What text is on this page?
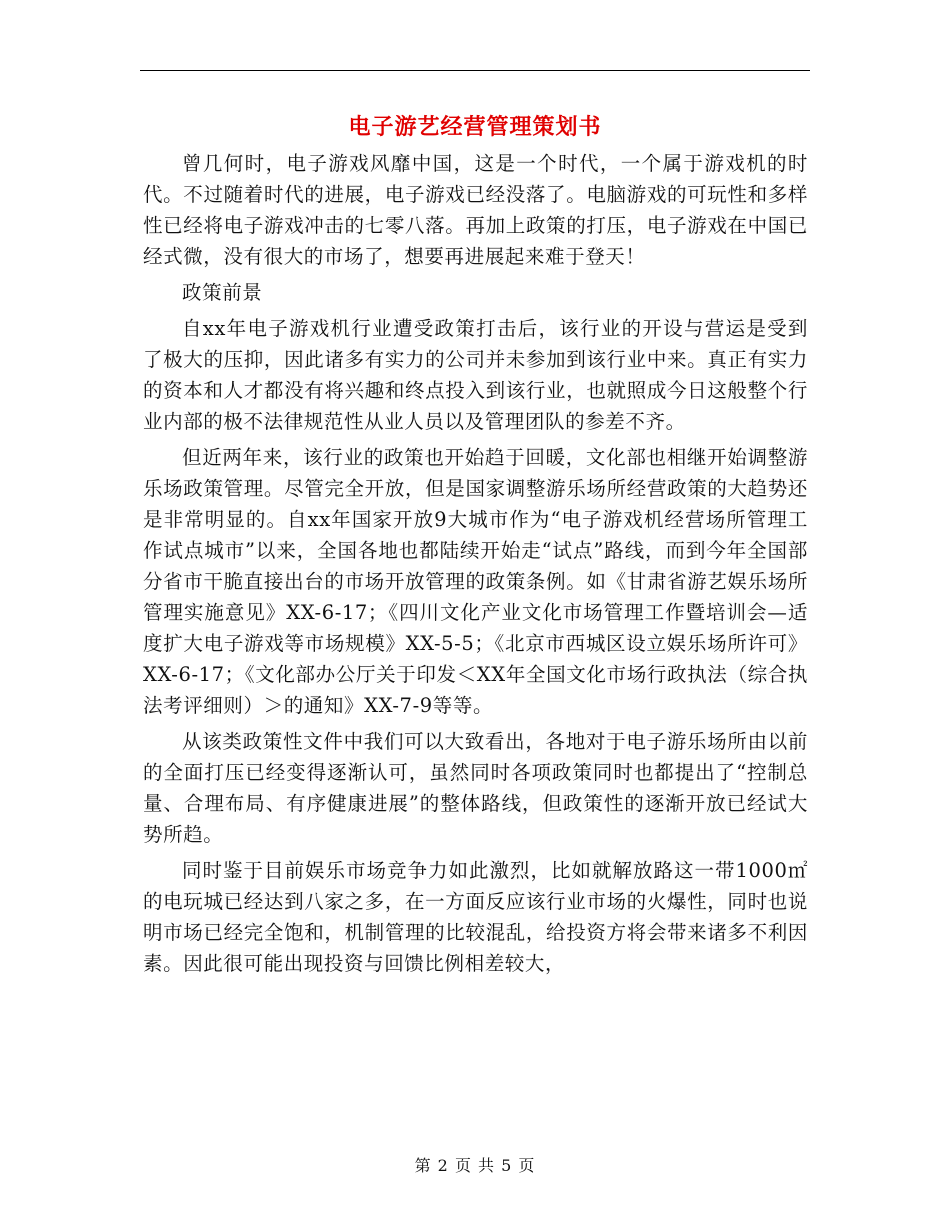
电子游艺经营管理策划书

曾几何时，电子游戏风靡中国，这是一个时代，一个属于游戏机的时代。不过随着时代的进展，电子游戏已经没落了。电脑游戏的可玩性和多样性已经将电子游戏冲击的七零八落。再加上政策的打压，电子游戏在中国已经式微，没有很大的市场了，想要再进展起来难于登天！

政策前景

自xx年电子游戏机行业遭受政策打击后，该行业的开设与营运是受到了极大的压抑，因此诸多有实力的公司并未参加到该行业中来。真正有实力的资本和人才都没有将兴趣和终点投入到该行业，也就照成今日这般整个行业内部的极不法律规范性从业人员以及管理团队的参差不齐。

但近两年来，该行业的政策也开始趋于回暖，文化部也相继开始调整游乐场政策管理。尽管完全开放，但是国家调整游乐场所经营政策的大趋势还是非常明显的。自xx年国家开放9大城市作为“电子游戏机经营场所管理工作试点城市”以来，全国各地也都陆续开始走“试点”路线，而到今年全国部分省市干脆直接出台的市场开放管理的政策条例。如《甘肃省游艺娱乐场所管理实施意见》XX-6-17；《四川文化产业文化市场管理工作暨培训会—适度扩大电子游戏等市场规模》XX-5-5；《北京市西城区设立娱乐场所许可》XX-6-17；《文化部办公厅关于印发＜XX年全国文化市场行政执法（综合执法考评细则）＞的通知》XX-7-9等等。

从该类政策性文件中我们可以大致看出，各地对于电子游乐场所由以前的全面打压已经变得逐渐认可，虽然同时各项政策同时也都提出了“控制总量、合理布局、有序健康进展”的整体路线，但政策性的逐渐开放已经试大势所趋。

同时鉴于目前娱乐市场竞争力如此激烈，比如就解放路这一带1000㎡的电玩城已经达到八家之多，在一方面反应该行业市场的火爆性，同时也说明市场已经完全饱和，机制管理的比较混乱，给投资方将会带来诸多不利因素。因此很可能出现投资与回馈比例相差较大，

第 2 页 共 5 页
